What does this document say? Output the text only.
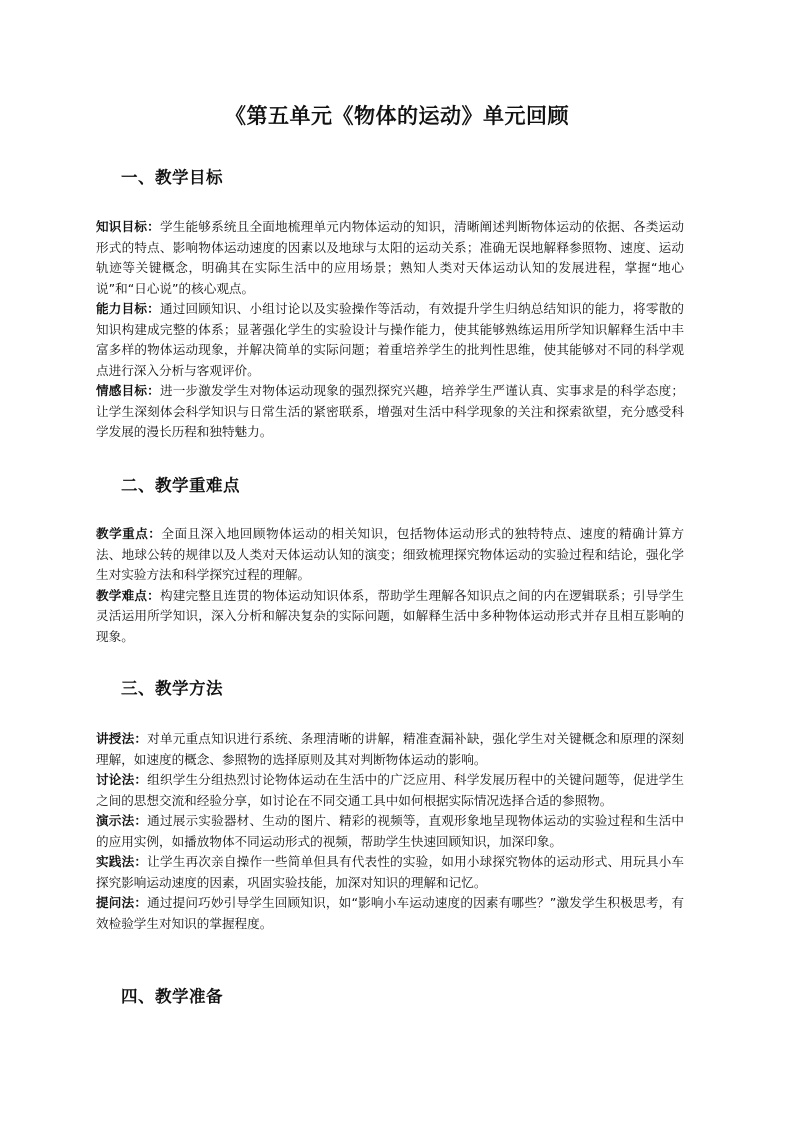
《第五单元《物体的运动》单元回顾
一、教学目标

知识目标：学生能够系统且全面地梳理单元内物体运动的知识，清晰阐述判断物体运动的依据、各类运动形式的特点、影响物体运动速度的因素以及地球与太阳的运动关系；准确无误地解释参照物、速度、运动轨迹等关键概念，明确其在实际生活中的应用场景；熟知人类对天体运动认知的发展进程，掌握“地心说”和“日心说”的核心观点。

能力目标：通过回顾知识、小组讨论以及实验操作等活动，有效提升学生归纳总结知识的能力，将零散的知识构建成完整的体系；显著强化学生的实验设计与操作能力，使其能够熟练运用所学知识解释生活中丰富多样的物体运动现象，并解决简单的实际问题；着重培养学生的批判性思维，使其能够对不同的科学观点进行深入分析与客观评价。

情感目标：进一步激发学生对物体运动现象的强烈探究兴趣，培养学生严谨认真、实事求是的科学态度；让学生深刻体会科学知识与日常生活的紧密联系，增强对生活中科学现象的关注和探索欲望，充分感受科学发展的漫长历程和独特魅力。

二、教学重难点

教学重点：全面且深入地回顾物体运动的相关知识，包括物体运动形式的独特特点、速度的精确计算方法、地球公转的规律以及人类对天体运动认知的演变；细致梳理探究物体运动的实验过程和结论，强化学生对实验方法和科学探究过程的理解。

教学难点：构建完整且连贯的物体运动知识体系，帮助学生理解各知识点之间的内在逻辑联系；引导学生灵活运用所学知识，深入分析和解决复杂的实际问题，如解释生活中多种物体运动形式并存且相互影响的现象。

三、教学方法

讲授法：对单元重点知识进行系统、条理清晰的讲解，精准查漏补缺，强化学生对关键概念和原理的深刻理解，如速度的概念、参照物的选择原则及其对判断物体运动的影响。

讨论法：组织学生分组热烈讨论物体运动在生活中的广泛应用、科学发展历程中的关键问题等，促进学生之间的思想交流和经验分享，如讨论在不同交通工具中如何根据实际情况选择合适的参照物。

演示法：通过展示实验器材、生动的图片、精彩的视频等，直观形象地呈现物体运动的实验过程和生活中的应用实例，如播放物体不同运动形式的视频，帮助学生快速回顾知识，加深印象。

实践法：让学生再次亲自操作一些简单但具有代表性的实验，如用小球探究物体的运动形式、用玩具小车探究影响运动速度的因素，巩固实验技能，加深对知识的理解和记忆。

提问法：通过提问巧妙引导学生回顾知识，如“影响小车运动速度的因素有哪些？”激发学生积极思考，有效检验学生对知识的掌握程度。

四、教学准备
